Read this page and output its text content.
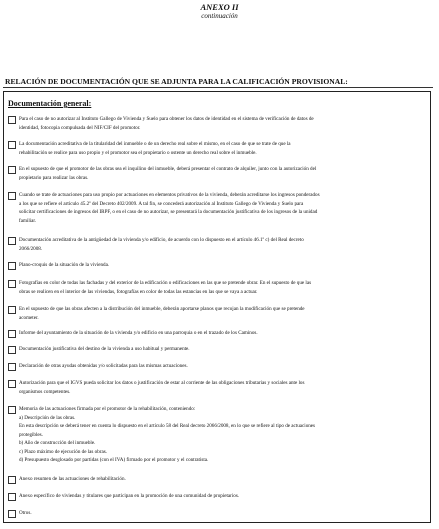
ANEXO II
continuación
RELACIÓN DE DOCUMENTACIÓN QUE SE ADJUNTA PARA LA CALIFICACIÓN PROVISIONAL:
Documentación general:
Para el caso de no autorizar al Instituto Gallego de Vivienda y Suelo para obtener los datos de identidad en el sistema de verificación de datos de
identidad, fotocopia compulsada del NIF/CIF del promotor.
La documentación acreditativa de la titularidad del inmueble o de un derecho real sobre el mismo, en el caso de que se trate de que la
rehabilitación se realice para uso propio y el promotor sea el propietario o ostente un derecho real sobre el inmueble.
En el supuesto de que el promotor de las obras sea el inquilino del inmueble, deberá presentar el contrato de alquiler, junto con la autorización del
propietario para realizar las obras.
Cuando se trate de actuaciones para uso propio por actuaciones en elementos privativos de la vivienda, deberán acreditarse los ingresos ponderados
a los que se refiere el artículo 45.2º del Decreto 402/2009. A tal fin, se concederá autorización al Instituto Gallego de Vivienda y Suelo para
solicitar certificaciones de ingresos del IRPF, o en el caso de no autorizar, se presentará la documentación justificativa de los ingresos de la unidad
familiar.
Documentación acreditativa de la antigüedad de la vivienda y/o edificio, de acuerdo con lo dispuesto en el artículo 46.1º c) del Real decreto
2066/2008.
Plano-croquis de la situación de la vivienda.
Fotografías en color de todas las fachadas y del exterior de la edificación o edificaciones en las que se pretende obrar. En el supuesto de que las
obras se realicen en el interior de las viviendas, fotografías en color de todas las estancias en las que se vaya a actuar.
En el supuesto de que las obras afecten a la distribución del inmueble, deberán aportarse planos que recojan la modificación que se pretende
acometer.
Informe del ayuntamiento de la situación de la vivienda y/o edificio en una parroquia o en el trazado de los Caminos.
Documentación justificativa del destino de la vivienda a uso habitual y permanente.
Declaración de otras ayudas obtenidas y/o solicitadas para las mismas actuaciones.
Autorización para que el IGVS pueda solicitar los datos o justificación de estar al corriente de las obligaciones tributarias y sociales ante los
organismos competentes.
Memoria de las actuaciones firmada por el promotor de la rehabilitación, conteniendo:
a) Descripción de las obras.
En esta descripción se deberá tener en cuenta lo dispuesto en el artículo 58 del Real decreto 2066/2008, en lo que se refiere al tipo de actuaciones
protegibles.
b) Año de construcción del inmueble.
c) Plazo máximo de ejecución de las obras.
d) Presupuesto desglosado por partidas (con el IVA) firmado por el promotor y el contratista.
Anexo resumen de las actuaciones de rehabilitación.
Anexo específico de viviendas y titulares que participan en la promoción de una comunidad de propietarios.
Otros.
